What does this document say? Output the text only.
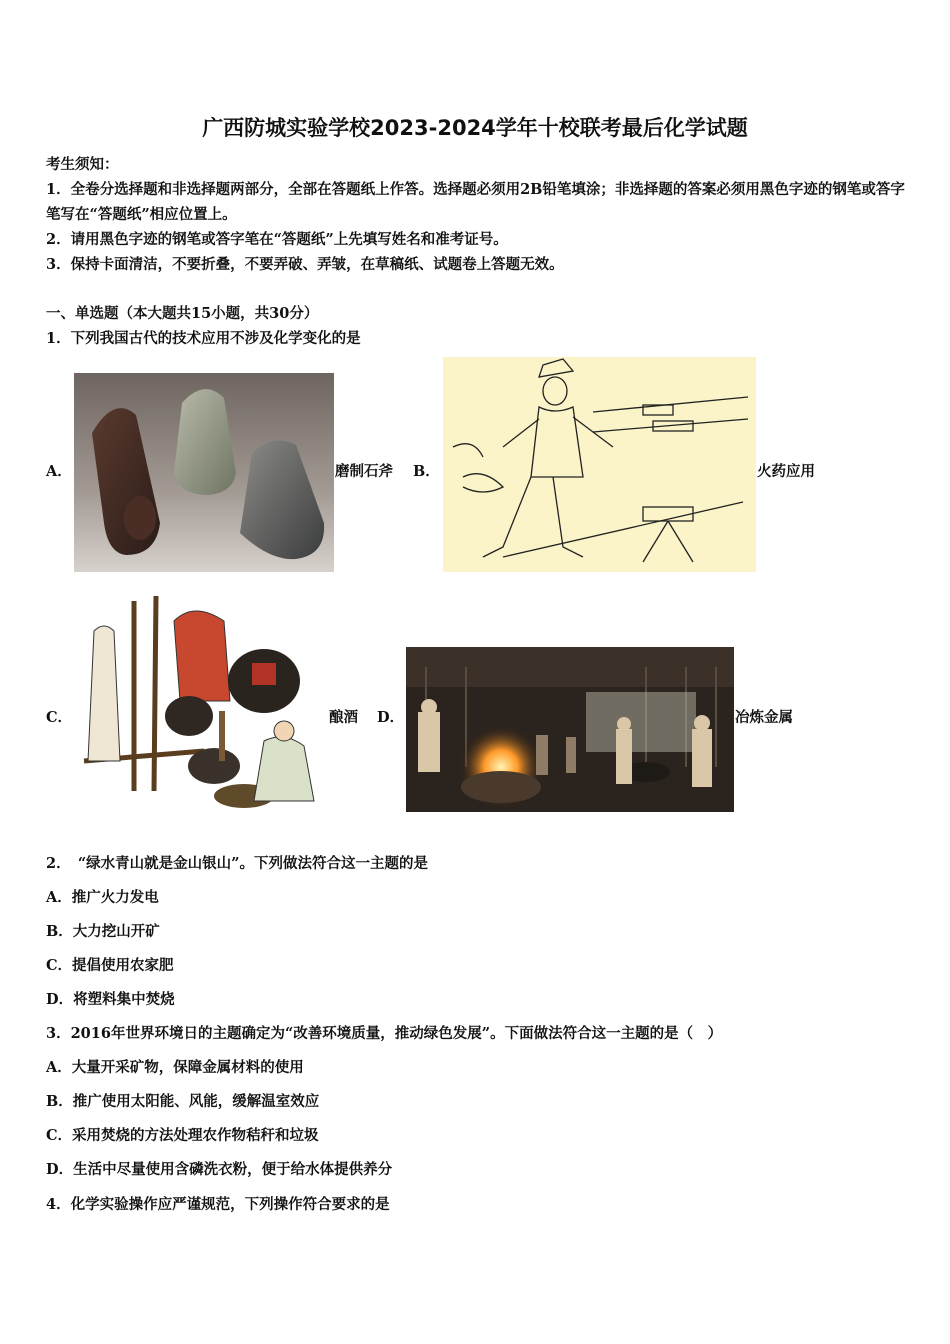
广西防城实验学校2023-2024学年十校联考最后化学试题
考生须知：
1．全卷分选择题和非选择题两部分，全部在答题纸上作答。选择题必须用2B铅笔填涂；非选择题的答案必须用黑色字迹的钢笔或答字笔写在“答题纸”相应位置上。
2．请用黑色字迹的钢笔或答字笔在“答题纸”上先填写姓名和准考证号。
3．保持卡面清洁，不要折叠，不要弄破、弄皱，在草稿纸、试题卷上答题无效。
一、单选题（本大题共15小题，共30分）
1．下列我国古代的技术应用不涉及化学变化的是
A．	磨制石斧 B．	火药应用
C．	酿酒 D．	冶炼金属
2．　“绿水青山就是金山银山”。下列做法符合这一主题的是
A．推广火力发电
B．大力挖山开矿
C．提倡使用农家肥
D．将塑料集中焚烧
3．2016年世界环境日的主题确定为“改善环境质量，推动绿色发展”。下面做法符合这一主题的是（　）
A．大量开采矿物，保障金属材料的使用
B．推广使用太阳能、风能，缓解温室效应
C．采用焚烧的方法处理农作物秸秆和垃圾
D．生活中尽量使用含磷洗衣粉，便于给水体提供养分
4．化学实验操作应严谨规范，下列操作符合要求的是
